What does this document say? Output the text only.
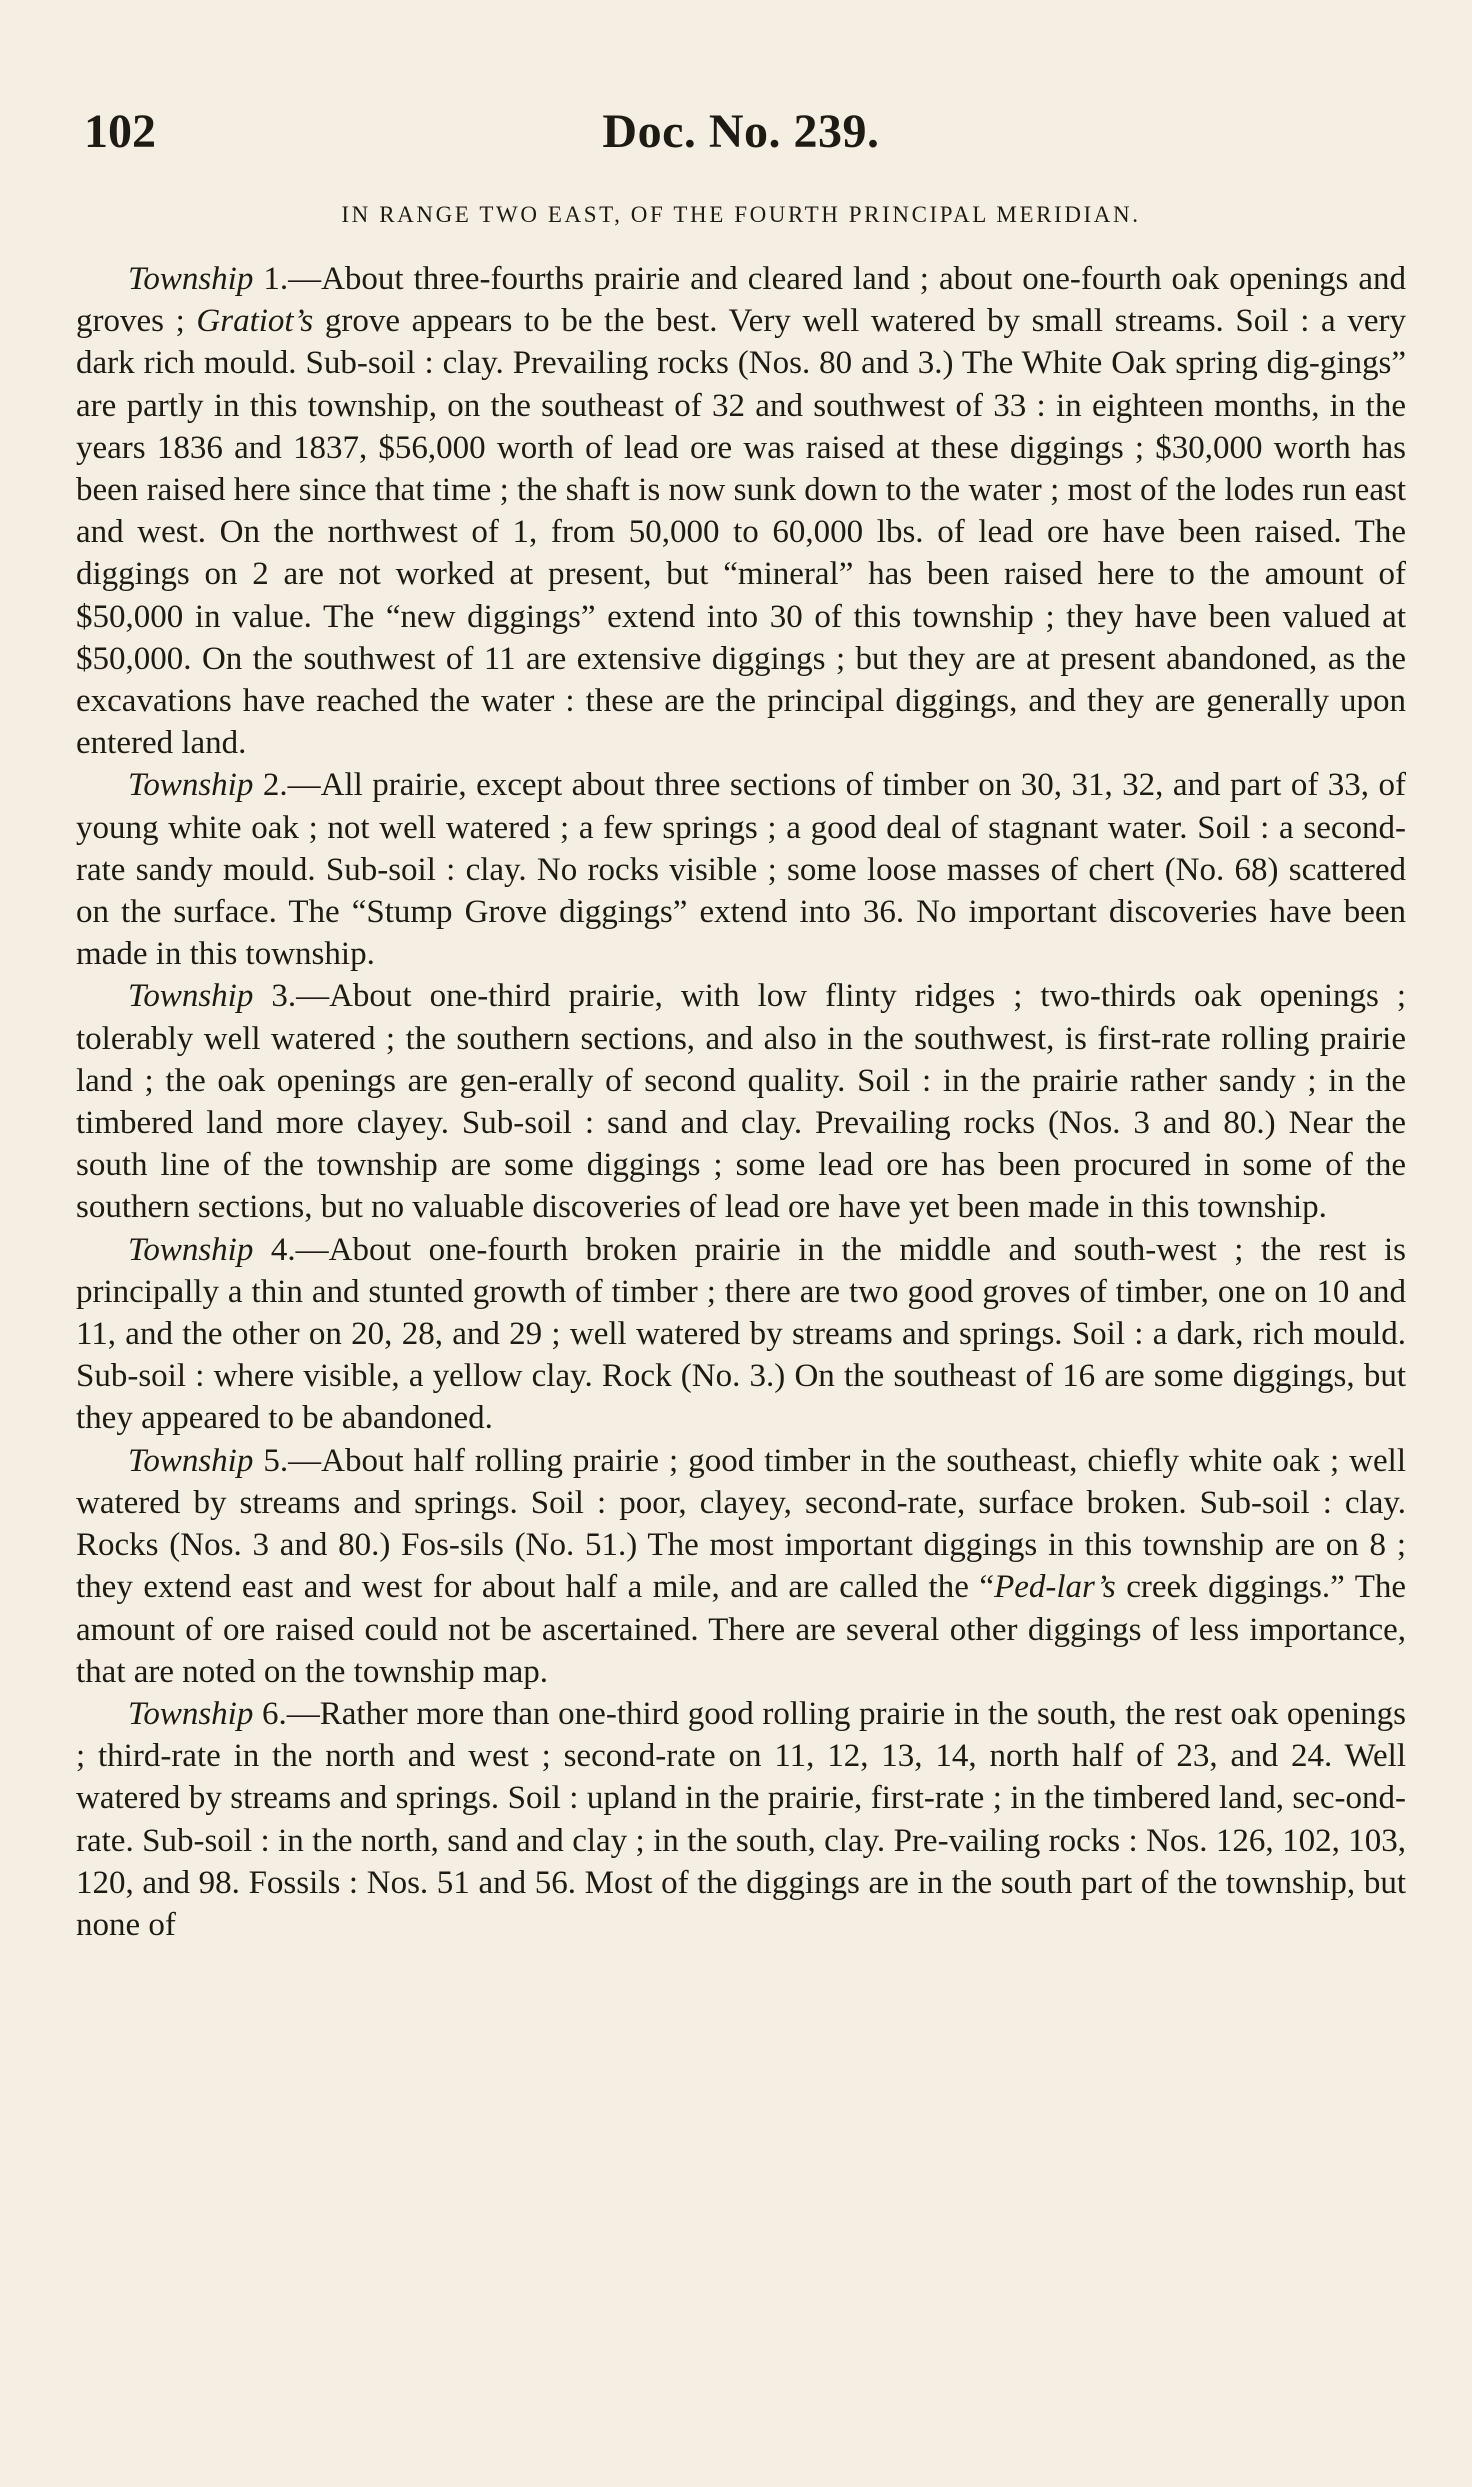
102	Doc. No. 239.
IN RANGE TWO EAST, OF THE FOURTH PRINCIPAL MERIDIAN.

Township 1.—About three-fourths prairie and cleared land ; about one-fourth oak openings and groves ; Gratiot’s grove appears to be the best. Very well watered by small streams. Soil : a very dark rich mould. Sub-soil : clay. Prevailing rocks (Nos. 80 and 3.) The White Oak spring dig-gings” are partly in this township, on the southeast of 32 and southwest of 33 : in eighteen months, in the years 1836 and 1837, $56,000 worth of lead ore was raised at these diggings ; $30,000 worth has been raised here since that time ; the shaft is now sunk down to the water ; most of the lodes run east and west. On the northwest of 1, from 50,000 to 60,000 lbs. of lead ore have been raised. The diggings on 2 are not worked at present, but “mineral” has been raised here to the amount of $50,000 in value. The “new diggings” extend into 30 of this township ; they have been valued at $50,000. On the southwest of 11 are extensive diggings ; but they are at present abandoned, as the excavations have reached the water : these are the principal diggings, and they are generally upon entered land.

Township 2.—All prairie, except about three sections of timber on 30, 31, 32, and part of 33, of young white oak ; not well watered ; a few springs ; a good deal of stagnant water. Soil : a second-rate sandy mould. Sub-soil : clay. No rocks visible ; some loose masses of chert (No. 68) scattered on the surface. The “Stump Grove diggings” extend into 36. No important discoveries have been made in this township.

Township 3.—About one-third prairie, with low flinty ridges ; two-thirds oak openings ; tolerably well watered ; the southern sections, and also in the southwest, is first-rate rolling prairie land ; the oak openings are gen-erally of second quality. Soil : in the prairie rather sandy ; in the timbered land more clayey. Sub-soil : sand and clay. Prevailing rocks (Nos. 3 and 80.) Near the south line of the township are some diggings ; some lead ore has been procured in some of the southern sections, but no valuable discoveries of lead ore have yet been made in this township.

Township 4.—About one-fourth broken prairie in the middle and south-west ; the rest is principally a thin and stunted growth of timber ; there are two good groves of timber, one on 10 and 11, and the other on 20, 28, and 29 ; well watered by streams and springs. Soil : a dark, rich mould. Sub-soil : where visible, a yellow clay. Rock (No. 3.) On the southeast of 16 are some diggings, but they appeared to be abandoned.

Township 5.—About half rolling prairie ; good timber in the southeast, chiefly white oak ; well watered by streams and springs. Soil : poor, clayey, second-rate, surface broken. Sub-soil : clay. Rocks (Nos. 3 and 80.) Fos-sils (No. 51.) The most important diggings in this township are on 8 ; they extend east and west for about half a mile, and are called the “Ped-lar’s creek diggings.” The amount of ore raised could not be ascertained. There are several other diggings of less importance, that are noted on the township map.

Township 6.—Rather more than one-third good rolling prairie in the south, the rest oak openings ; third-rate in the north and west ; second-rate on 11, 12, 13, 14, north half of 23, and 24. Well watered by streams and springs. Soil : upland in the prairie, first-rate ; in the timbered land, sec-ond-rate. Sub-soil : in the north, sand and clay ; in the south, clay. Pre-vailing rocks : Nos. 126, 102, 103, 120, and 98. Fossils : Nos. 51 and 56. Most of the diggings are in the south part of the township, but none of
